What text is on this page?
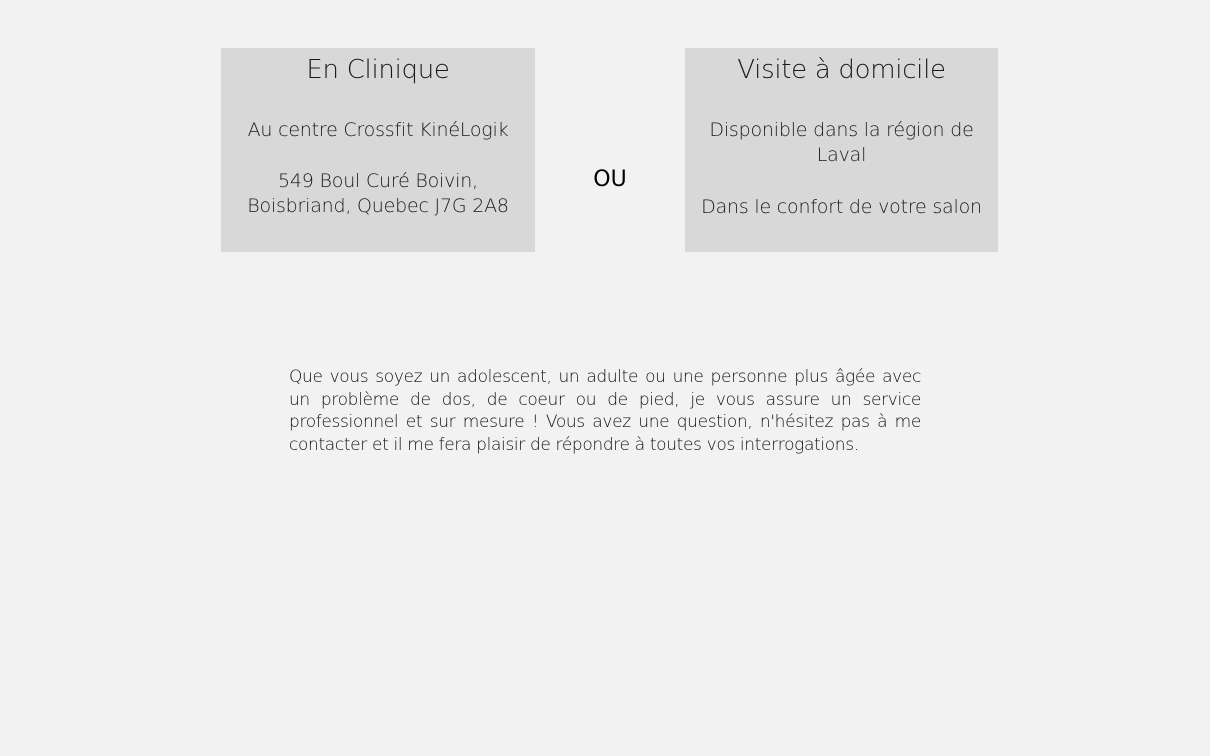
En Clinique

Au centre Crossfit KinéLogik

549 Boul Curé Boivin, Boisbriand, Quebec J7G 2A8

OU
Visite à domicile

Disponible dans la région de Laval

Dans le confort de votre salon

Que vous soyez un adolescent, un adulte ou une personne plus âgée avec un problème de dos, de coeur ou de pied, je vous assure un service professionnel et sur mesure ! Vous avez une question, n'hésitez pas à me contacter et il me fera plaisir de répondre à toutes vos interrogations.
